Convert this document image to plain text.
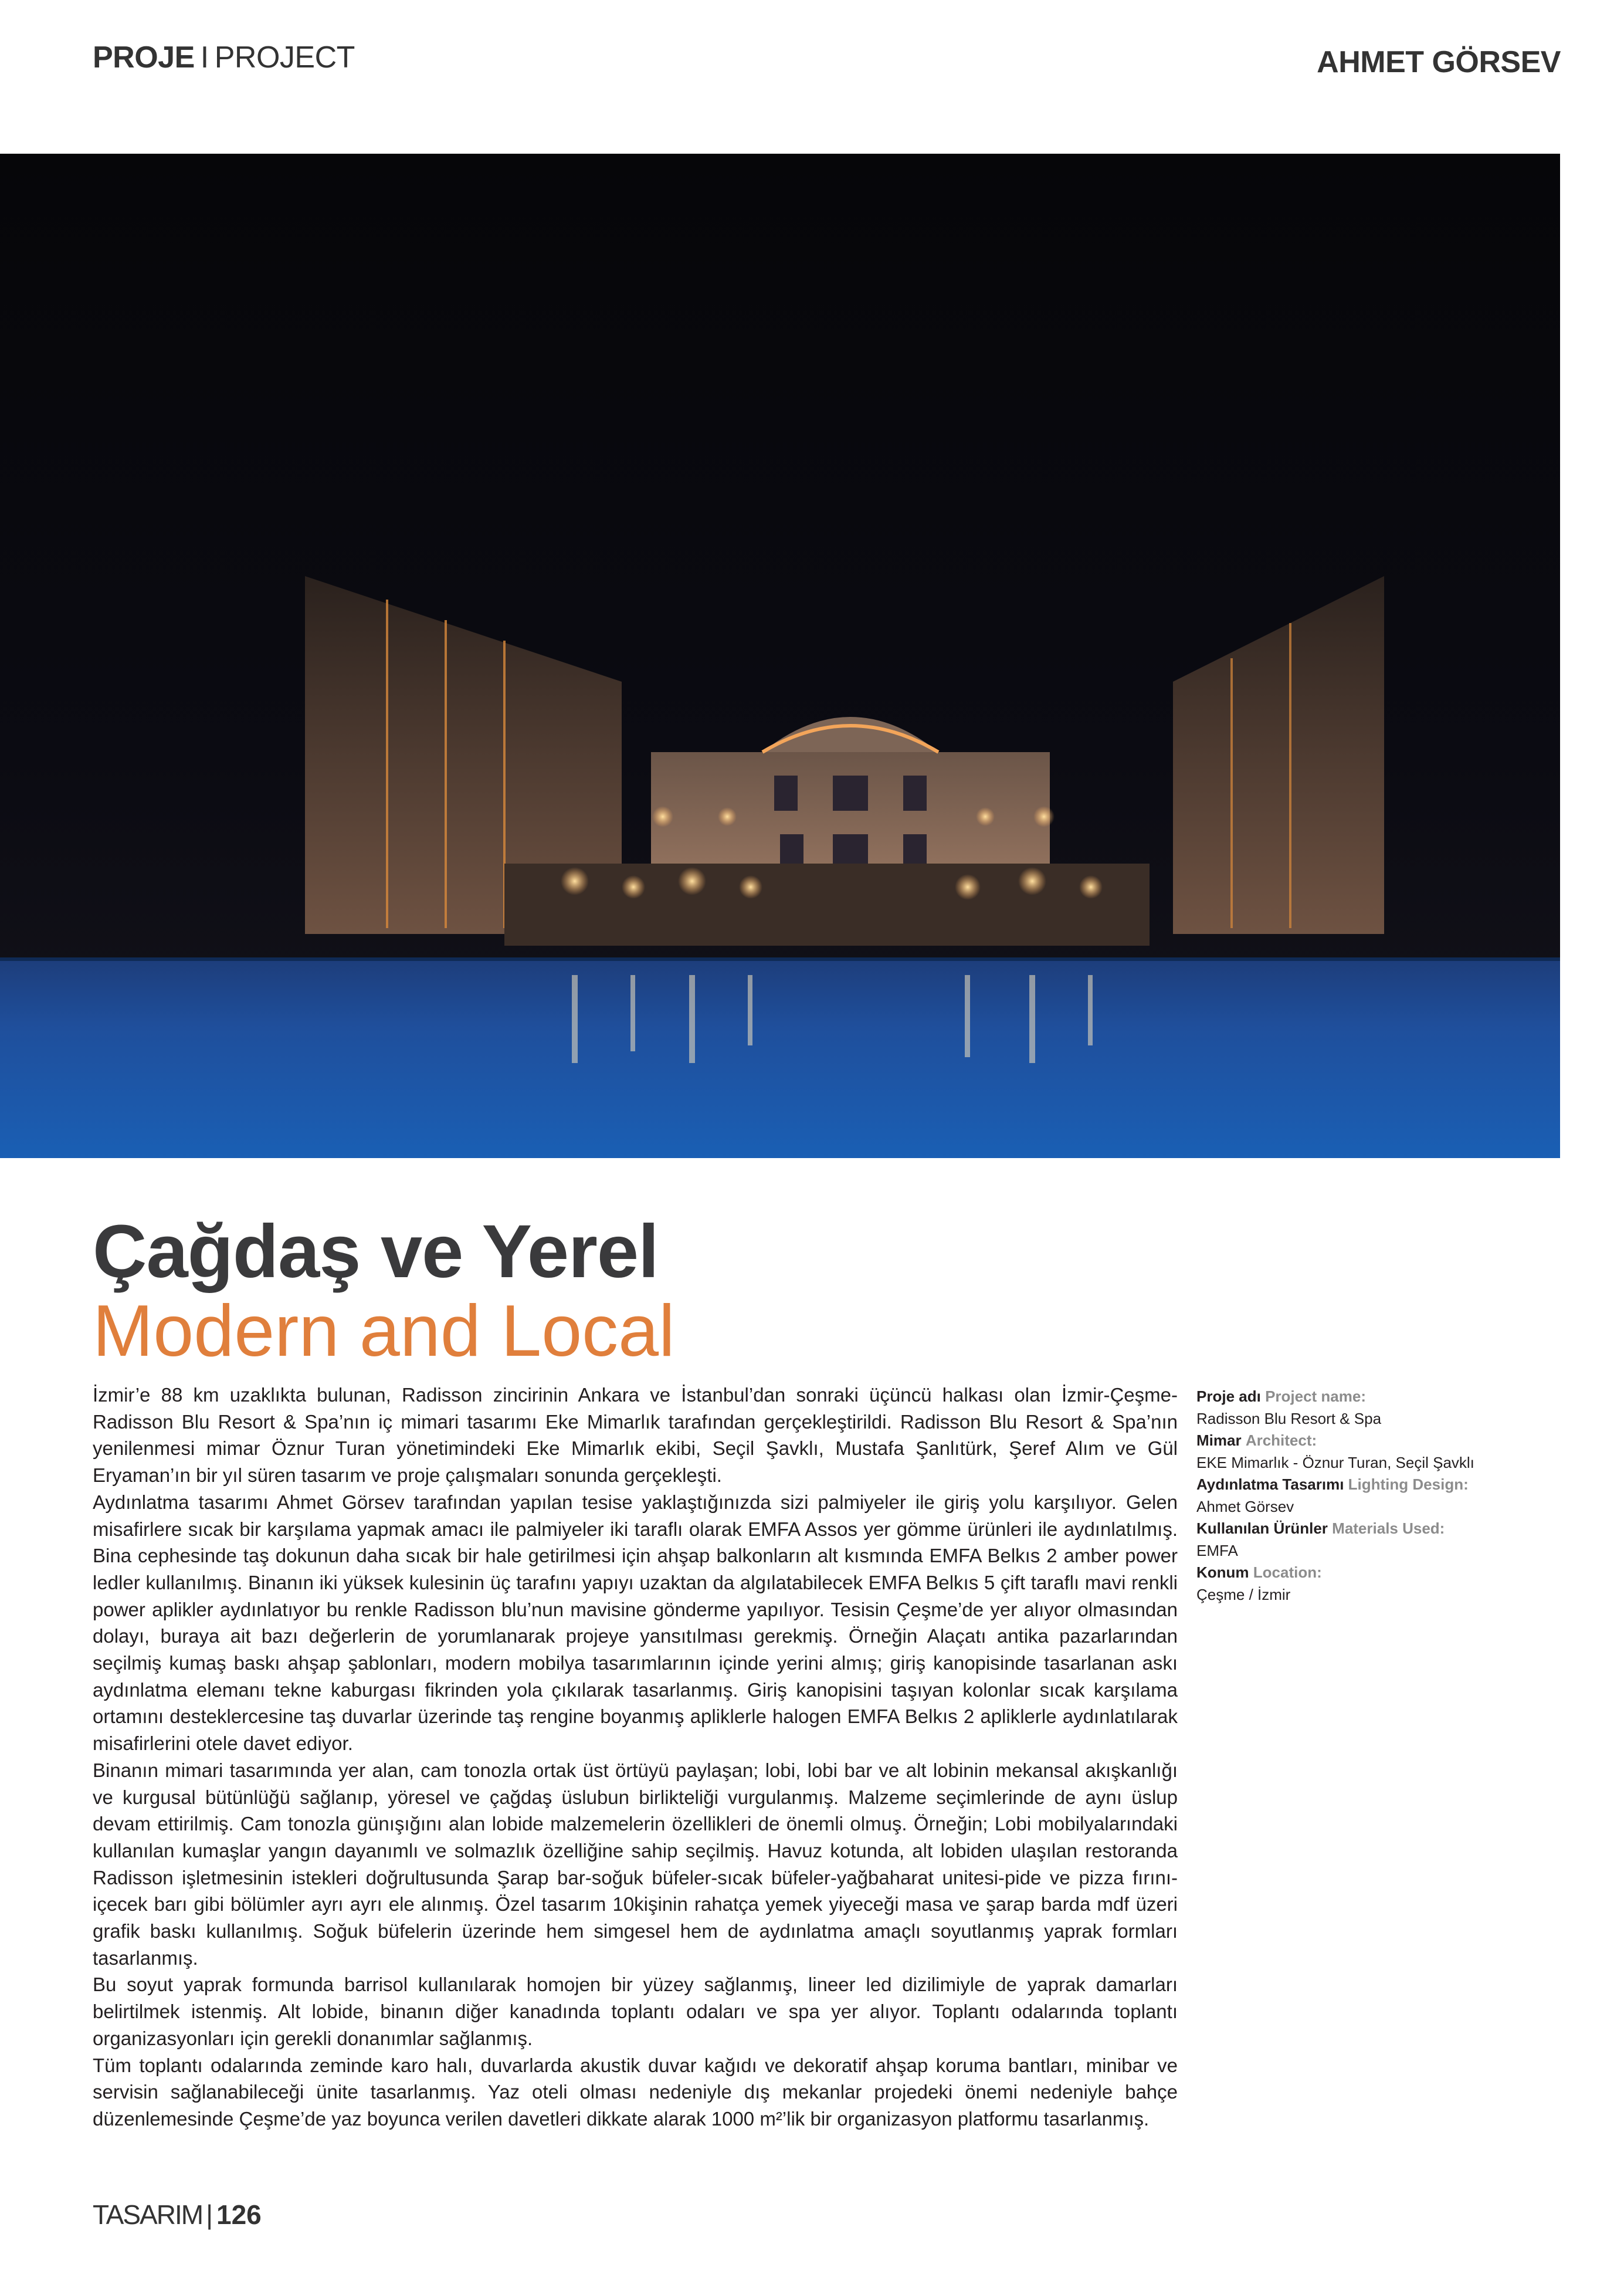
PROJE I PROJECT	AHMET GÖRSEV
Çağdaş ve Yerel
Modern and Local

İzmir’e 88 km uzaklıkta bulunan, Radisson zincirinin Ankara ve İstanbul’dan sonraki üçüncü halkası olan İzmir-Çeşme-Radisson Blu Resort & Spa’nın iç mimari tasarımı Eke Mimarlık tarafından gerçekleştirildi. Radisson Blu Resort & Spa’nın yenilenmesi mimar Öznur Turan yönetimindeki Eke Mimarlık ekibi, Seçil Şavklı, Mustafa Şanlıtürk, Şeref Alım ve Gül Eryaman’ın bir yıl süren tasarım ve proje çalışmaları sonunda gerçekleşti.

Aydınlatma tasarımı Ahmet Görsev tarafından yapılan tesise yaklaştığınızda sizi palmiyeler ile giriş yolu karşılıyor. Gelen misafirlere sıcak bir karşılama yapmak amacı ile palmiyeler iki taraflı olarak EMFA Assos yer gömme ürünleri ile aydınlatılmış. Bina cephesinde taş dokunun daha sıcak bir hale getirilmesi için ahşap balkonların alt kısmında EMFA Belkıs 2 amber power ledler kullanılmış. Binanın iki yüksek kulesinin üç tarafını yapıyı uzaktan da algılatabilecek EMFA Belkıs 5 çift taraflı mavi renkli power aplikler aydınlatıyor bu renkle Radisson blu’nun mavisine gönderme yapılıyor. Tesisin Çeşme’de yer alıyor olmasından dolayı, buraya ait bazı değerlerin de yorumlanarak projeye yansıtılması gerekmiş. Örneğin Alaçatı antika pazarlarından seçilmiş kumaş baskı ahşap şablonları, modern mobilya tasarımlarının içinde yerini almış; giriş kanopisinde tasarlanan askı aydınlatma elemanı tekne kaburgası fikrinden yola çıkılarak tasarlanmış. Giriş kanopisini taşıyan kolonlar sıcak karşılama ortamını desteklercesine taş duvarlar üzerinde taş rengine boyanmış apliklerle halogen EMFA Belkıs 2 apliklerle aydınlatılarak misafirlerini otele davet ediyor.

Binanın mimari tasarımında yer alan, cam tonozla ortak üst örtüyü paylaşan; lobi, lobi bar ve alt lobinin mekansal akışkanlığı ve kurgusal bütünlüğü sağlanıp, yöresel ve çağdaş üslubun birlikteliği vurgulanmış. Malzeme seçimlerinde de aynı üslup devam ettirilmiş. Cam tonozla günışığını alan lobide malzemelerin özellikleri de önemli olmuş. Örneğin; Lobi mobilyalarındaki kullanılan kumaşlar yangın dayanımlı ve solmazlık özelliğine sahip seçilmiş. Havuz kotunda, alt lobiden ulaşılan restoranda Radisson işletmesinin istekleri doğrultusunda Şarap bar-soğuk büfeler-sıcak büfeler-yağbaharat unitesi-pide ve pizza fırını-içecek barı gibi bölümler ayrı ayrı ele alınmış. Özel tasarım 10kişinin rahatça yemek yiyeceği masa ve şarap barda mdf üzeri grafik baskı kullanılmış. Soğuk büfelerin üzerinde hem simgesel hem de aydınlatma amaçlı soyutlanmış yaprak formları tasarlanmış.

Bu soyut yaprak formunda barrisol kullanılarak homojen bir yüzey sağlanmış, lineer led dizilimiyle de yaprak damarları belirtilmek istenmiş. Alt lobide, binanın diğer kanadında toplantı odaları ve spa yer alıyor. Toplantı odalarında toplantı organizasyonları için gerekli donanımlar sağlanmış.

Tüm toplantı odalarında zeminde karo halı, duvarlarda akustik duvar kağıdı ve dekoratif ahşap koruma bantları, minibar ve servisin sağlanabileceği ünite tasarlanmış. Yaz oteli olması nedeniyle dış mekanlar projedeki önemi nedeniyle bahçe düzenlemesinde Çeşme’de yaz boyunca verilen davetleri dikkate alarak 1000 m²’lik bir organizasyon platformu tasarlanmış.

Proje adı Project name:
Radisson Blu Resort & Spa
Mimar Architect:
EKE Mimarlık - Öznur Turan, Seçil Şavklı
Aydınlatma Tasarımı Lighting Design:
Ahmet Görsev
Kullanılan Ürünler Materials Used:
EMFA
Konum Location:
Çeşme / İzmir
TASARIM | 126
